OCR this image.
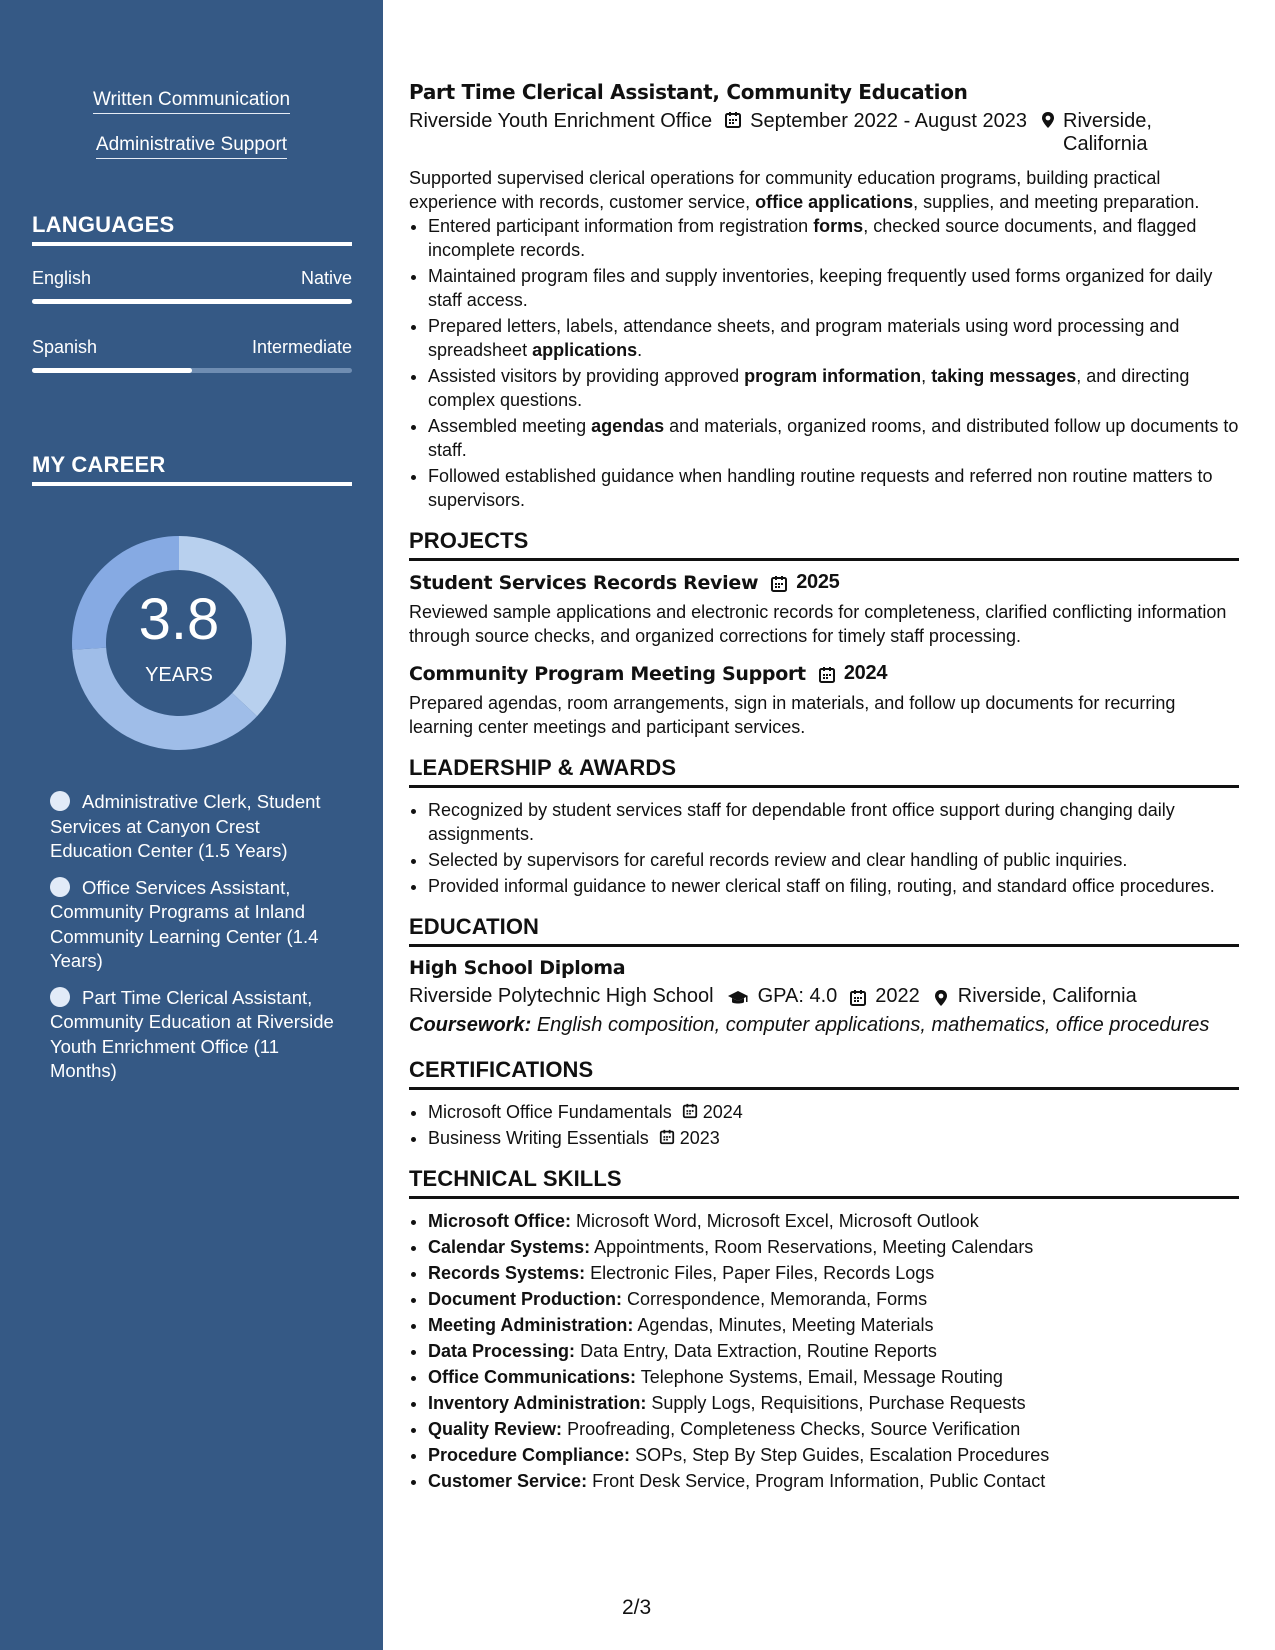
Written Communication
Administrative Support
LANGUAGES
English	Native
Spanish	Intermediate
MY CAREER
3.8
YEARS
Administrative Clerk, Student Services at Canyon Crest Education Center (1.5 Years)
Office Services Assistant, Community Programs at Inland Community Learning Center (1.4 Years)
Part Time Clerical Assistant, Community Education at Riverside Youth Enrichment Office (11 Months)
Part Time Clerical Assistant, Community Education
Riverside Youth Enrichment Office September 2022 - August 2023 Riverside, California

Supported supervised clerical operations for community education programs, building practical experience with records, customer service, office applications, supplies, and meeting preparation.

• Entered participant information from registration forms, checked source documents, and flagged incomplete records.
• Maintained program files and supply inventories, keeping frequently used forms organized for daily staff access.
• Prepared letters, labels, attendance sheets, and program materials using word processing and spreadsheet applications.
• Assisted visitors by providing approved program information, taking messages, and directing complex questions.
• Assembled meeting agendas and materials, organized rooms, and distributed follow up documents to staff.
• Followed established guidance when handling routine requests and referred non routine matters to supervisors.
PROJECTS
Student Services Records Review 2025

Reviewed sample applications and electronic records for completeness, clarified conflicting information through source checks, and organized corrections for timely staff processing.

Community Program Meeting Support 2024

Prepared agendas, room arrangements, sign in materials, and follow up documents for recurring learning center meetings and participant services.

LEADERSHIP & AWARDS
• Recognized by student services staff for dependable front office support during changing daily assignments.
• Selected by supervisors for careful records review and clear handling of public inquiries.
• Provided informal guidance to newer clerical staff on filing, routing, and standard office procedures.
EDUCATION
High School Diploma
Riverside Polytechnic High School GPA: 4.0 2022 Riverside, California
Coursework: English composition, computer applications, mathematics, office procedures
CERTIFICATIONS
• Microsoft Office Fundamentals 2024
• Business Writing Essentials 2023
TECHNICAL SKILLS
• Microsoft Office: Microsoft Word, Microsoft Excel, Microsoft Outlook
• Calendar Systems: Appointments, Room Reservations, Meeting Calendars
• Records Systems: Electronic Files, Paper Files, Records Logs
• Document Production: Correspondence, Memoranda, Forms
• Meeting Administration: Agendas, Minutes, Meeting Materials
• Data Processing: Data Entry, Data Extraction, Routine Reports
• Office Communications: Telephone Systems, Email, Message Routing
• Inventory Administration: Supply Logs, Requisitions, Purchase Requests
• Quality Review: Proofreading, Completeness Checks, Source Verification
• Procedure Compliance: SOPs, Step By Step Guides, Escalation Procedures
• Customer Service: Front Desk Service, Program Information, Public Contact
2/3
